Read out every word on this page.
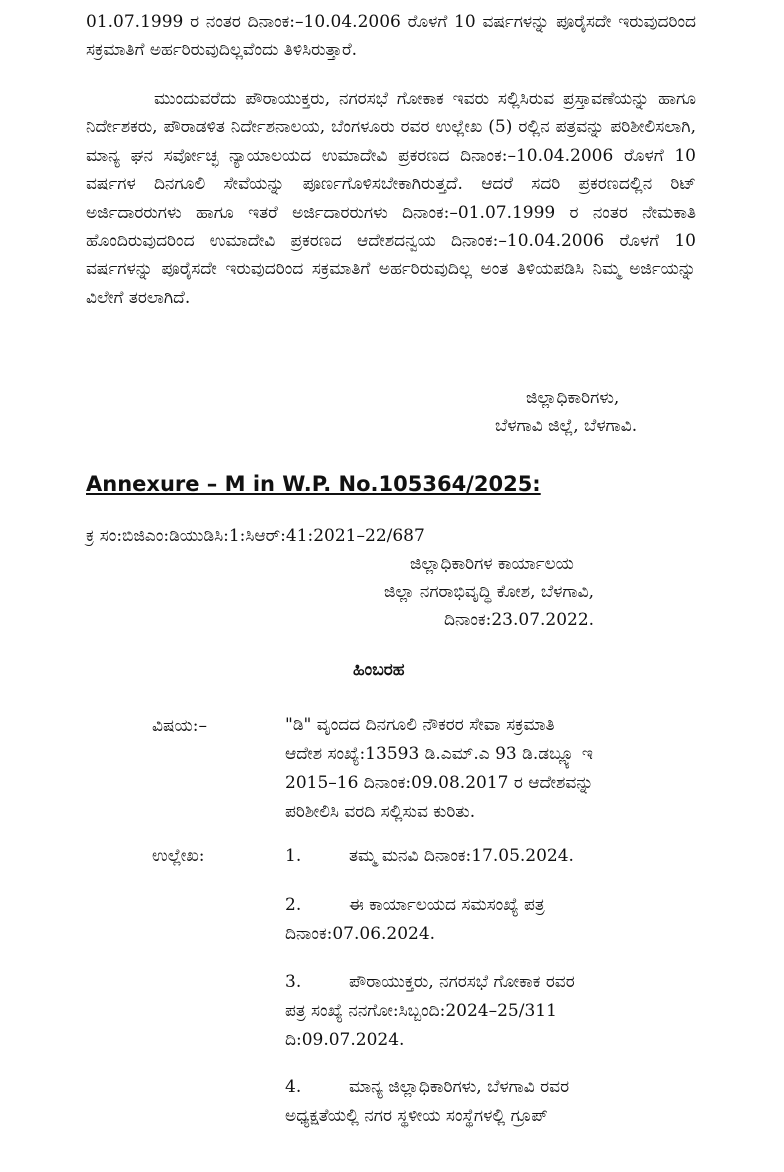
01.07.1999 ರ ನಂತರ ದಿನಾಂಕ:–10.04.2006 ರೊಳಗೆ 10 ವರ್ಷಗಳನ್ನು ಪೂರೈಸದೇ ಇರುವುದರಿಂದ ಸಕ್ರಮಾತಿಗೆ ಅರ್ಹರಿರುವುದಿಲ್ಲವೆಂದು ತಿಳಿಸಿರುತ್ತಾರೆ.

ಮುಂದುವರೆದು ಪೌರಾಯುಕ್ತರು, ನಗರಸಭೆ ಗೋಕಾಕ ಇವರು ಸಲ್ಲಿಸಿರುವ ಪ್ರಸ್ತಾವಣೆಯನ್ನು ಹಾಗೂ ನಿರ್ದೇಶಕರು, ಪೌರಾಡಳಿತ ನಿರ್ದೇಶನಾಲಯ, ಬೆಂಗಳೂರು ರವರ ಉಲ್ಲೇಖ (5) ರಲ್ಲಿನ ಪತ್ರವನ್ನು ಪರಿಶೀಲಿಸಲಾಗಿ, ಮಾನ್ಯ ಘನ ಸರ್ವೋಚ್ಛ ನ್ಯಾಯಾಲಯದ ಉಮಾದೇವಿ ಪ್ರಕರಣದ ದಿನಾಂಕ:–10.04.2006 ರೊಳಗೆ 10 ವರ್ಷಗಳ ದಿನಗೂಲಿ ಸೇವೆಯನ್ನು ಪೂರ್ಣಗೊಳಿಸಬೇಕಾಗಿರುತ್ತದೆ. ಆದರೆ ಸದರಿ ಪ್ರಕರಣದಲ್ಲಿನ ರಿಟ್ ಅರ್ಜಿದಾರರುಗಳು ಹಾಗೂ ಇತರೆ ಅರ್ಜಿದಾರರುಗಳು ದಿನಾಂಕ:–01.07.1999 ರ ನಂತರ ನೇಮಕಾತಿ ಹೊಂದಿರುವುದರಿಂದ ಉಮಾದೇವಿ ಪ್ರಕರಣದ ಆದೇಶದನ್ವಯ ದಿನಾಂಕ:–10.04.2006 ರೊಳಗೆ 10 ವರ್ಷಗಳನ್ನು ಪೂರೈಸದೇ ಇರುವುದರಿಂದ ಸಕ್ರಮಾತಿಗೆ ಅರ್ಹರಿರುವುದಿಲ್ಲ ಅಂತ ತಿಳಿಯಪಡಿಸಿ ನಿಮ್ಮ ಅರ್ಜಿಯನ್ನು ವಿಲೇಗೆ ತರಲಾಗಿದೆ.

ಜಿಲ್ಲಾಧಿಕಾರಿಗಳು,
ಬೆಳಗಾವಿ ಜಿಲ್ಲೆ, ಬೆಳಗಾವಿ.
Annexure – M in W.P. No.105364/2025:
ಕ್ರ ಸಂ:ಬಿಜಿಎಂ:ಡಿಯುಡಿಸಿ:1:ಸಿಆರ್:41:2021–22/687
ಜಿಲ್ಲಾಧಿಕಾರಿಗಳ ಕಾರ್ಯಾಲಯ
ಜಿಲ್ಲಾ ನಗರಾಭಿವೃದ್ಧಿ ಕೋಶ, ಬೆಳಗಾವಿ,
ದಿನಾಂಕ:23.07.2022.
ಹಿಂಬರಹ
ವಿಷಯ:–	"ಡಿ" ವೃಂದದ ದಿನಗೂಲಿ ನೌಕರರ ಸೇವಾ ಸಕ್ರಮಾತಿ
ಆದೇಶ ಸಂಖ್ಯೆ:13593 ಡಿ.ಎಮ್.ಎ 93 ಡಿ.ಡಬ್ಲ್ಯೂ ಇ
2015–16 ದಿನಾಂಕ:09.08.2017 ರ ಆದೇಶವನ್ನು
ಪರಿಶೀಲಿಸಿ ವರದಿ ಸಲ್ಲಿಸುವ ಕುರಿತು.
ಉಲ್ಲೇಖ:	1.	ತಮ್ಮ ಮನವಿ ದಿನಾಂಕ:17.05.2024.
2.	ಈ ಕಾರ್ಯಾಲಯದ ಸಮಸಂಖ್ಯೆ ಪತ್ರ
ದಿನಾಂಕ:07.06.2024.
3.	ಪೌರಾಯುಕ್ತರು, ನಗರಸಭೆ ಗೋಕಾಕ ರವರ
ಪತ್ರ ಸಂಖ್ಯೆ ನನಗೋ:ಸಿಬ್ಬಂದಿ:2024–25/311
ದಿ:09.07.2024.
4.	ಮಾನ್ಯ ಜಿಲ್ಲಾಧಿಕಾರಿಗಳು, ಬೆಳಗಾವಿ ರವರ
ಅಧ್ಯಕ್ಷತೆಯಲ್ಲಿ ನಗರ ಸ್ಥಳೀಯ ಸಂಸ್ಥೆಗಳಲ್ಲಿ ಗ್ರೂಪ್
